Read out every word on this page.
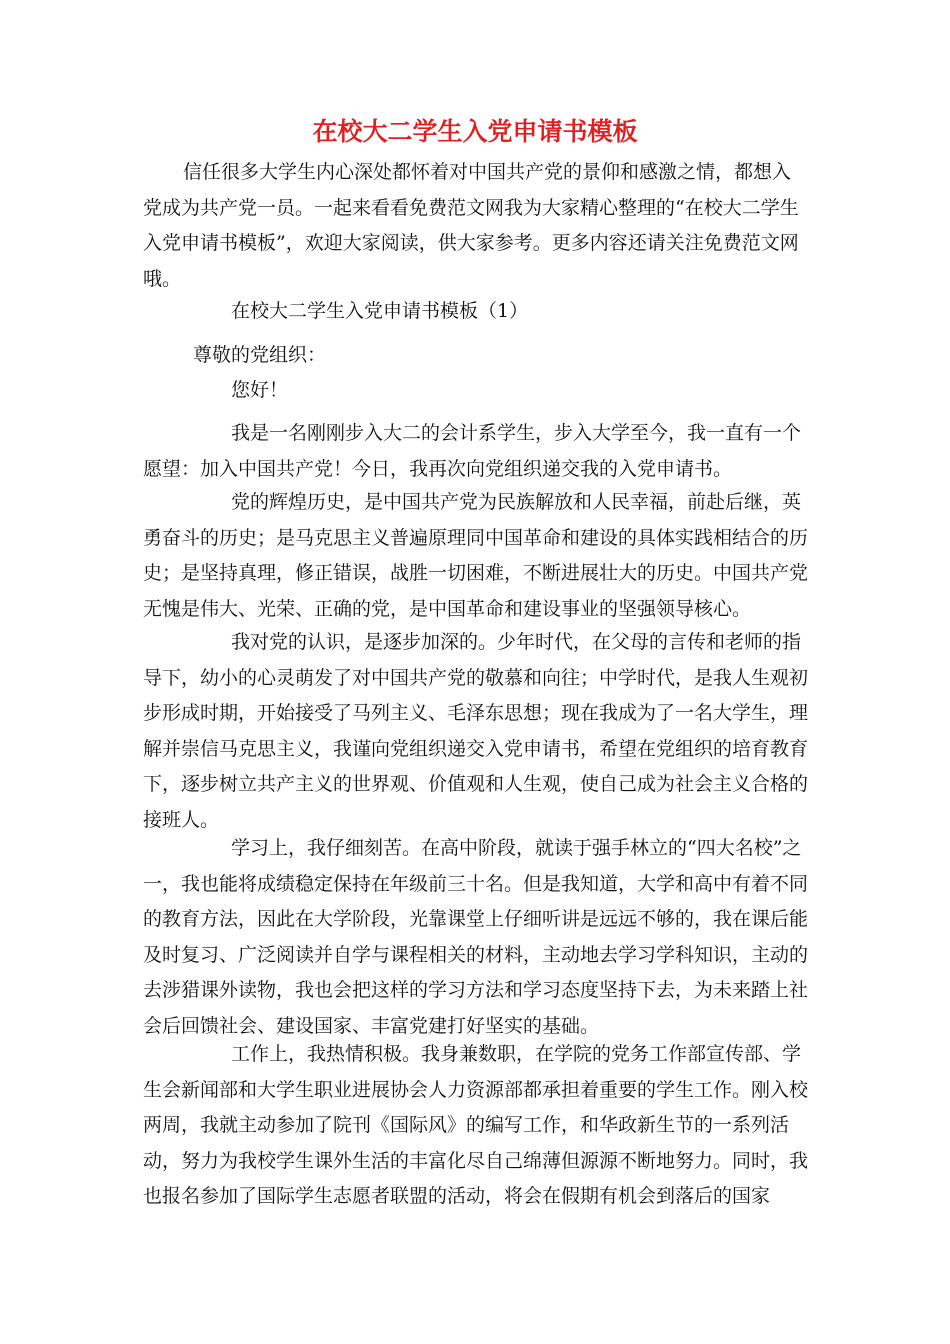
在校大二学生入党申请书模板

信任很多大学生内心深处都怀着对中国共产党的景仰和感激之情，都想入党成为共产党一员。一起来看看免费范文网我为大家精心整理的“在校大二学生入党申请书模板”，欢迎大家阅读，供大家参考。更多内容还请关注免费范文网哦。

在校大二学生入党申请书模板（1）

尊敬的党组织：

您好！

我是一名刚刚步入大二的会计系学生，步入大学至今，我一直有一个愿望：加入中国共产党！今日，我再次向党组织递交我的入党申请书。

党的辉煌历史，是中国共产党为民族解放和人民幸福，前赴后继，英勇奋斗的历史；是马克思主义普遍原理同中国革命和建设的具体实践相结合的历史；是坚持真理，修正错误，战胜一切困难，不断进展壮大的历史。中国共产党无愧是伟大、光荣、正确的党，是中国革命和建设事业的坚强领导核心。

我对党的认识，是逐步加深的。少年时代，在父母的言传和老师的指导下，幼小的心灵萌发了对中国共产党的敬慕和向往；中学时代，是我人生观初步形成时期，开始接受了马列主义、毛泽东思想；现在我成为了一名大学生，理解并崇信马克思主义，我谨向党组织递交入党申请书，希望在党组织的培育教育下，逐步树立共产主义的世界观、价值观和人生观，使自己成为社会主义合格的接班人。

学习上，我仔细刻苦。在高中阶段，就读于强手林立的“四大名校”之一，我也能将成绩稳定保持在年级前三十名。但是我知道，大学和高中有着不同的教育方法，因此在大学阶段，光靠课堂上仔细听讲是远远不够的，我在课后能及时复习、广泛阅读并自学与课程相关的材料，主动地去学习学科知识，主动的去涉猎课外读物，我也会把这样的学习方法和学习态度坚持下去，为未来踏上社会后回馈社会、建设国家、丰富党建打好坚实的基础。

工作上，我热情积极。我身兼数职，在学院的党务工作部宣传部、学生会新闻部和大学生职业进展协会人力资源部都承担着重要的学生工作。刚入校两周，我就主动参加了院刊《国际风》的编写工作，和华政新生节的一系列活动，努力为我校学生课外生活的丰富化尽自己绵薄但源源不断地努力。同时，我也报名参加了国际学生志愿者联盟的活动，将会在假期有机会到落后的国家
